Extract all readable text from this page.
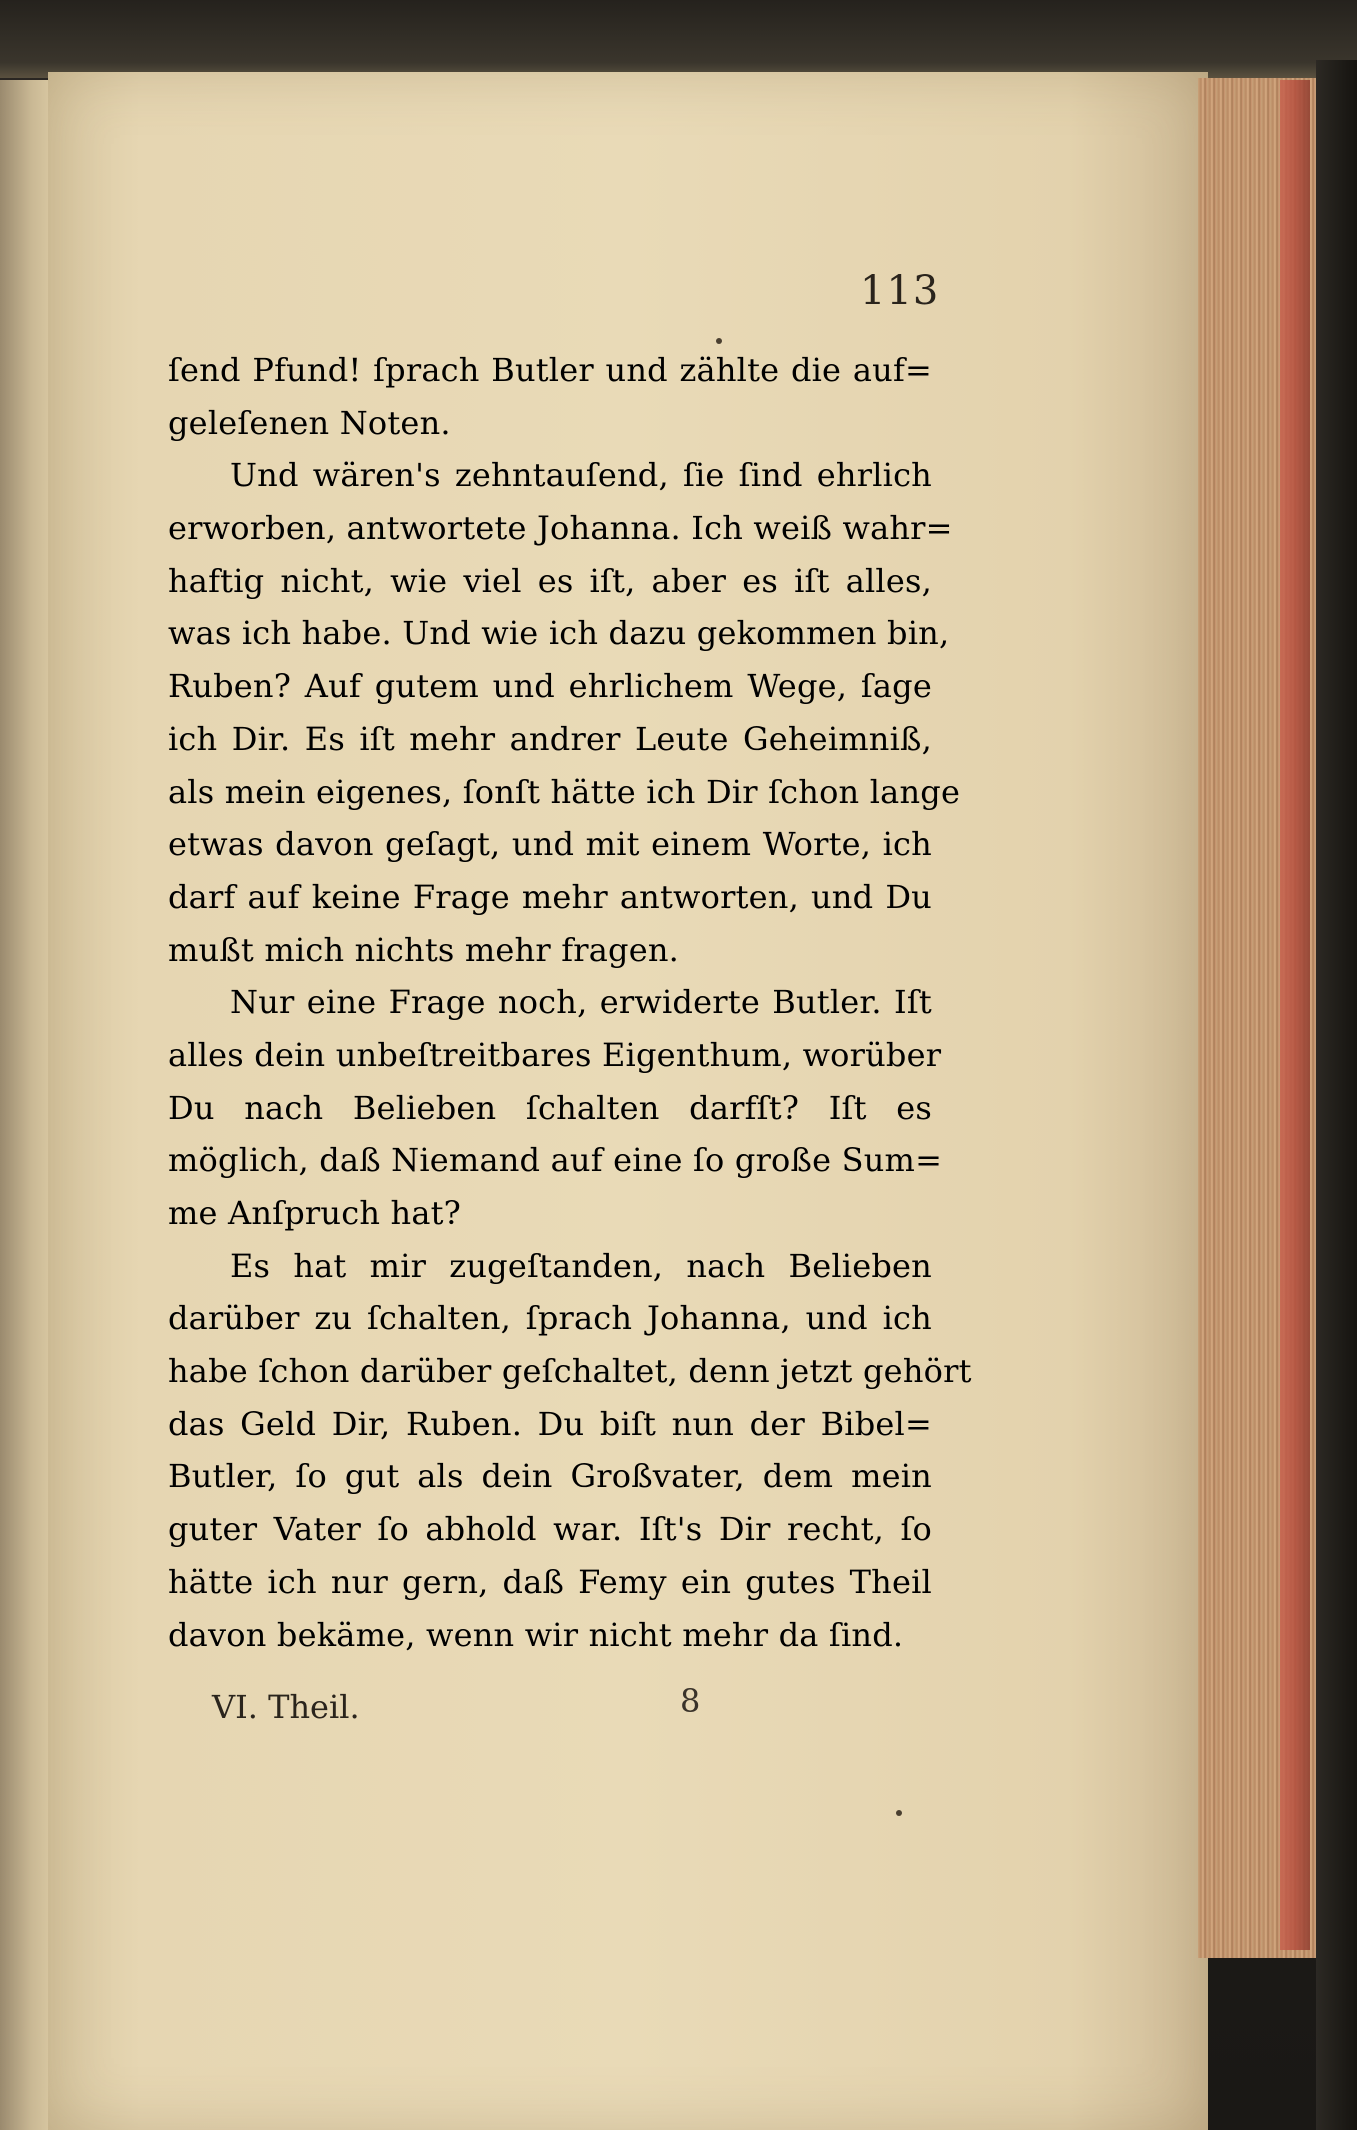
113
ſend Pfund! ſprach Butler und zählte die auf=
geleſenen Noten.
Und wären's zehntauſend, ſie ſind ehrlich
erworben, antwortete Johanna. Ich weiß wahr=
haftig nicht, wie viel es iſt, aber es iſt alles,
was ich habe. Und wie ich dazu gekommen bin,
Ruben? Auf gutem und ehrlichem Wege, ſage
ich Dir. Es iſt mehr andrer Leute Geheimniß,
als mein eigenes, ſonſt hätte ich Dir ſchon lange
etwas davon geſagt, und mit einem Worte, ich
darf auf keine Frage mehr antworten, und Du
mußt mich nichts mehr fragen.
Nur eine Frage noch, erwiderte Butler. Iſt
alles dein unbeſtreitbares Eigenthum, worüber
Du nach Belieben ſchalten darfſt? Iſt es
möglich, daß Niemand auf eine ſo große Sum=
me Anſpruch hat?
Es hat mir zugeſtanden, nach Belieben
darüber zu ſchalten, ſprach Johanna, und ich
habe ſchon darüber geſchaltet, denn jetzt gehört
das Geld Dir, Ruben. Du biſt nun der Bibel=
Butler, ſo gut als dein Großvater, dem mein
guter Vater ſo abhold war. Iſt's Dir recht, ſo
hätte ich nur gern, daß Femy ein gutes Theil
davon bekäme, wenn wir nicht mehr da ſind.
VI. Theil.	8
